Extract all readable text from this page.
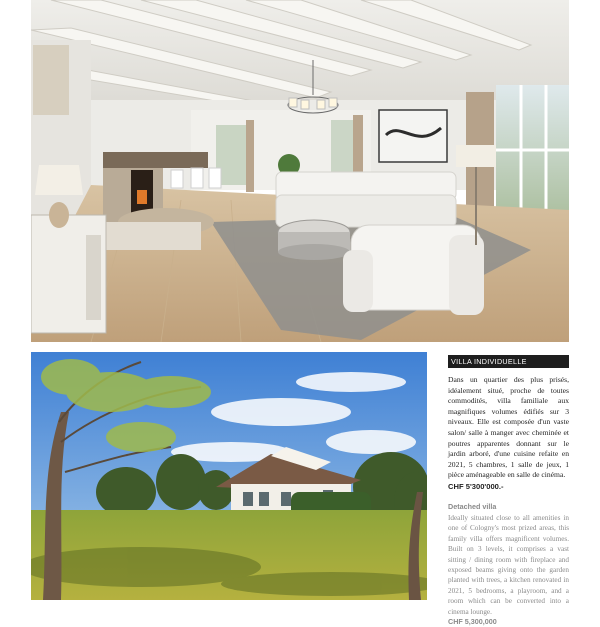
VILLA INDIVIDUELLE
Dans un quartier des plus prisés, idéalement situé, proche de toutes commodités, villa familiale aux magnifiques volumes édifiés sur 3 niveaux. Elle est composée d'un vaste salon/ salle à manger avec cheminée et poutres apparentes donnant sur le jardin arboré, d'une cuisine refaite en 2021, 5 chambres, 1 salle de jeux, 1 pièce aménageable en salle de cinéma.
CHF 5'300'000.-
Detached villa
Ideally situated close to all amenities in one of Cologny's most prized areas, this family villa offers magnificent volumes. Built on 3 levels, it comprises a vast sitting / dining room with fireplace and exposed beams giving onto the garden planted with trees, a kitchen renovated in 2021, 5 bedrooms, a playroom, and a room which can be converted into a cinema lounge.
CHF 5,300,000
